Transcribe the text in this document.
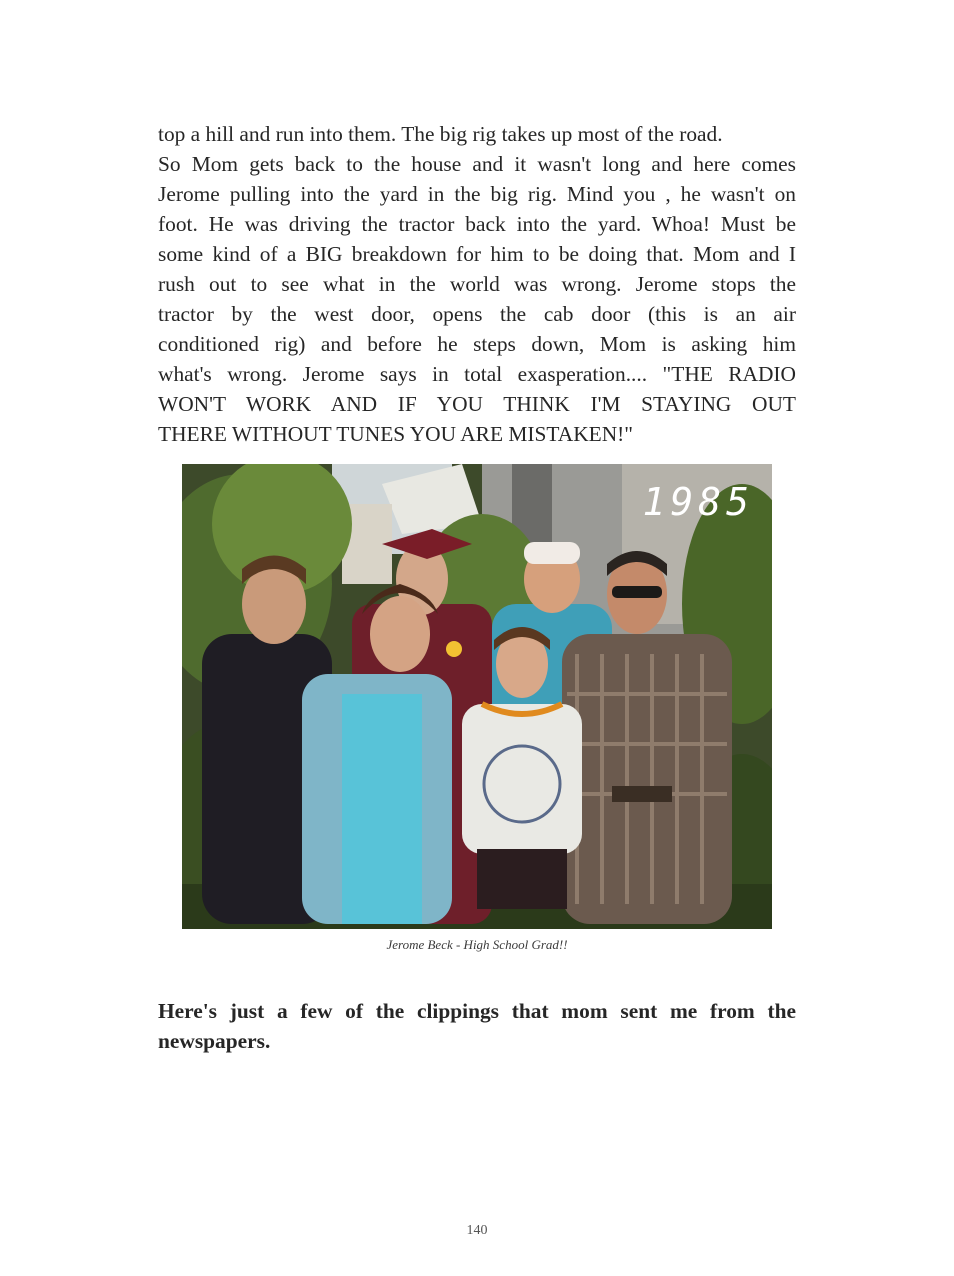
top a hill and run into them. The big rig takes up most of the road.
So Mom gets back to the house and it wasn't long and here comes
Jerome pulling into the yard in the big rig. Mind you , he wasn't on
foot. He was driving the tractor back into the yard. Whoa! Must be
some kind of a BIG breakdown for him to be doing that. Mom and I
rush out to see what in the world was wrong. Jerome stops the
tractor by the west door, opens the cab door (this is an air
conditioned rig) and before he steps down, Mom is asking him
what's wrong. Jerome says in total exasperation.... "THE RADIO
WON'T WORK AND IF YOU THINK I'M STAYING OUT
THERE WITHOUT TUNES YOU ARE MISTAKEN!"
1985

Jerome Beck - High School Grad!!

Here's just a few of the clippings that mom sent me from the
newspapers.

140
